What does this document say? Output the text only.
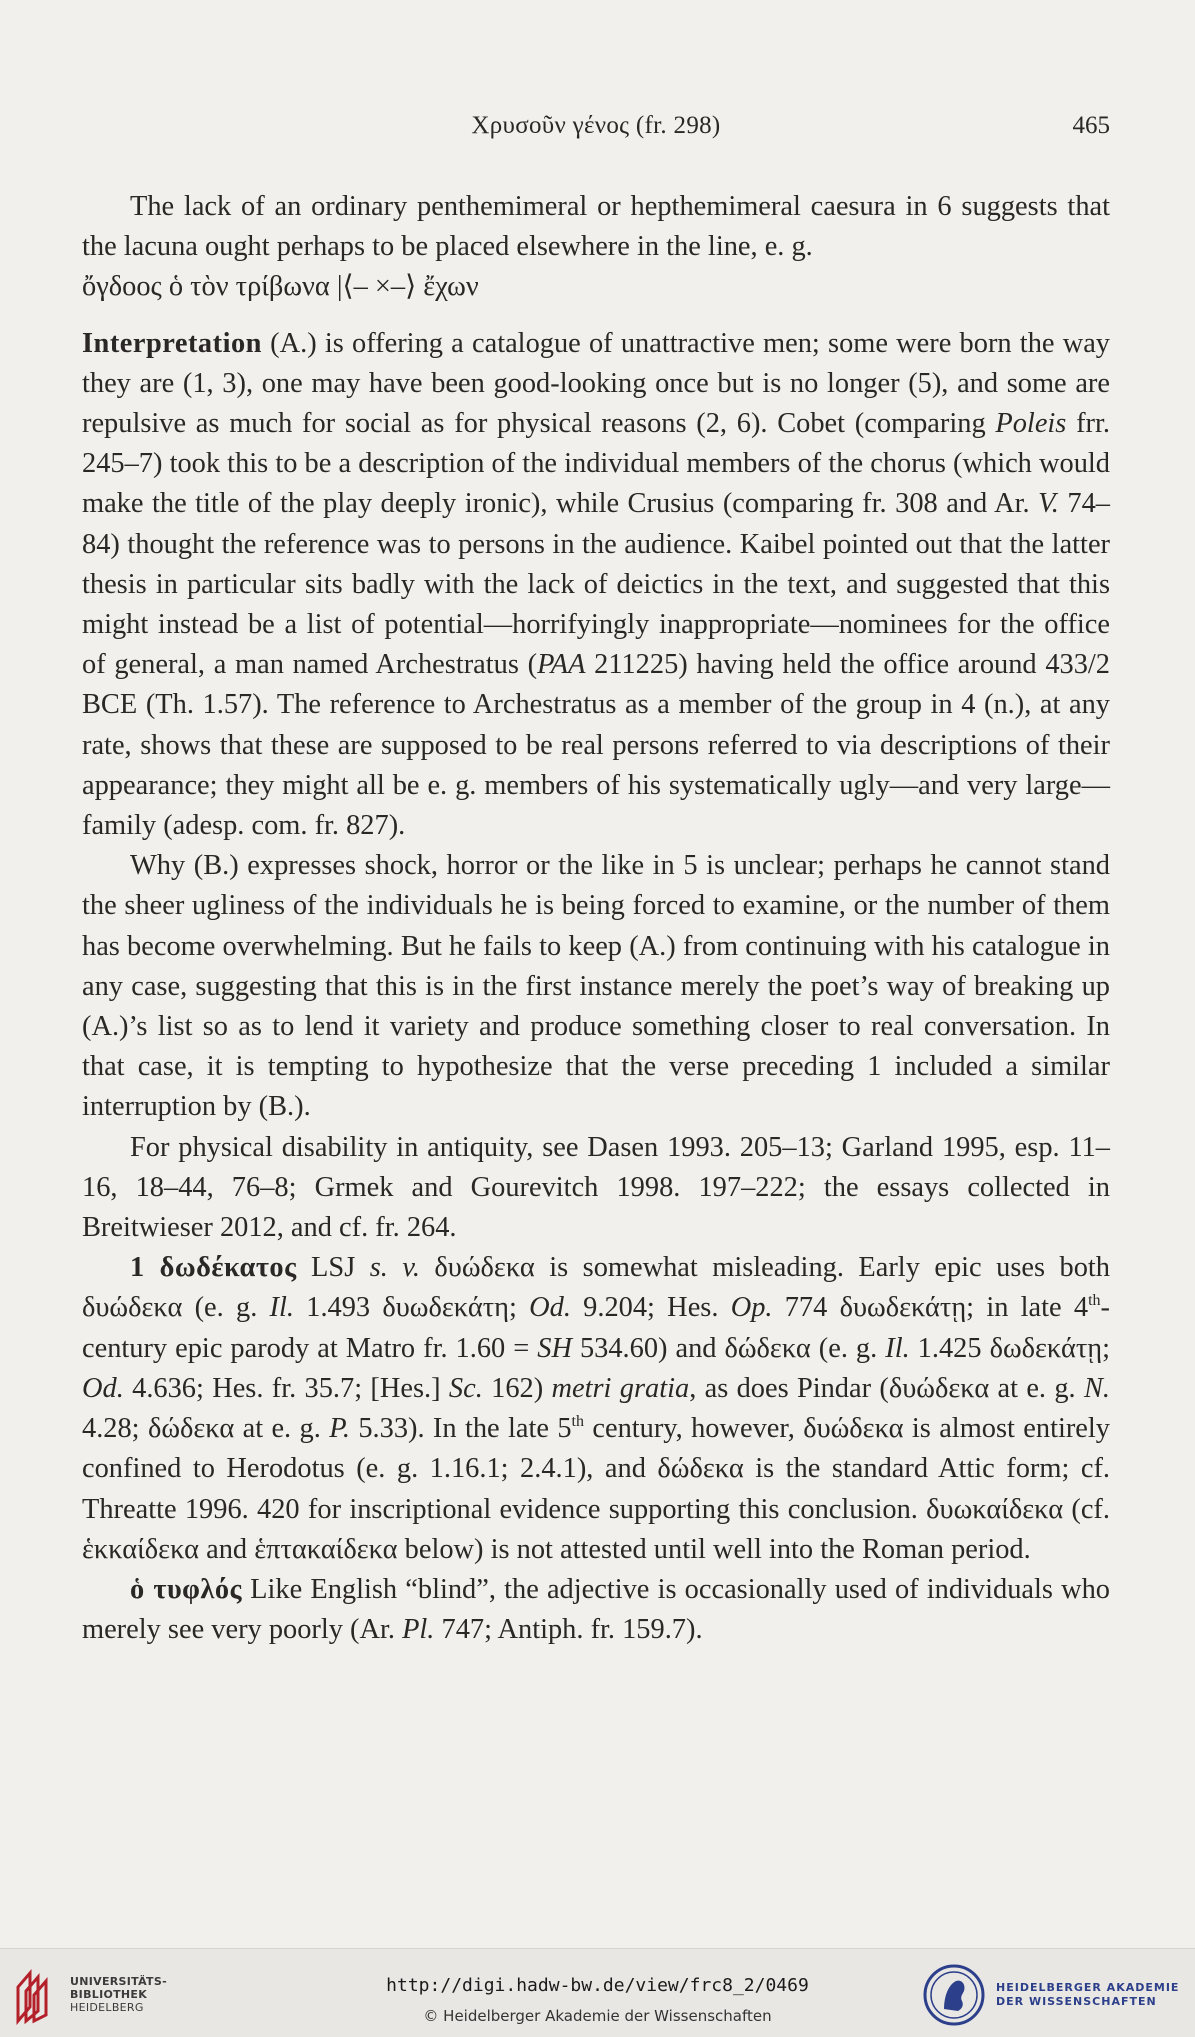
Χρυσοῦν γένος (fr. 298)	465

The lack of an ordinary penthemimeral or hepthemimeral caesura in 6 suggests that the lacuna ought perhaps to be placed elsewhere in the line, e. g.
ὄγδοος ὁ τὸν τρίβωνα |⟨– ×–⟩ ἔχων

Interpretation (A.) is offering a catalogue of unattractive men; some were born the way they are (1, 3), one may have been good-looking once but is no longer (5), and some are repulsive as much for social as for physical reasons (2, 6). Cobet (comparing Poleis frr. 245–7) took this to be a description of the individual members of the chorus (which would make the title of the play deeply ironic), while Crusius (comparing fr. 308 and Ar. V. 74–84) thought the reference was to persons in the audience. Kaibel pointed out that the latter thesis in particular sits badly with the lack of deictics in the text, and suggested that this might instead be a list of potential—horrifyingly inappropriate—nominees for the office of general, a man named Archestratus (PAA 211225) having held the office around 433/2 BCE (Th. 1.57). The reference to Archestratus as a member of the group in 4 (n.), at any rate, shows that these are supposed to be real persons referred to via descriptions of their appearance; they might all be e. g. members of his systematically ugly—and very large—family (adesp. com. fr. 827).

Why (B.) expresses shock, horror or the like in 5 is unclear; perhaps he cannot stand the sheer ugliness of the individuals he is being forced to examine, or the number of them has become overwhelming. But he fails to keep (A.) from continuing with his catalogue in any case, suggesting that this is in the first instance merely the poet’s way of breaking up (A.)’s list so as to lend it variety and produce something closer to real conversation. In that case, it is tempting to hypothesize that the verse preceding 1 included a similar interruption by (B.).

For physical disability in antiquity, see Dasen 1993. 205–13; Garland 1995, esp. 11–16, 18–44, 76–8; Grmek and Gourevitch 1998. 197–222; the essays collected in Breitwieser 2012, and cf. fr. 264.

1 δωδέκατος LSJ s. v. δυώδεκα is somewhat misleading. Early epic uses both δυώδεκα (e. g. Il. 1.493 δυωδεκάτη; Od. 9.204; Hes. Op. 774 δυωδεκάτῃ; in late 4th-century epic parody at Matro fr. 1.60 = SH 534.60) and δώδεκα (e. g. Il. 1.425 δωδεκάτῃ; Od. 4.636; Hes. fr. 35.7; [Hes.] Sc. 162) metri gratia, as does Pindar (δυώδεκα at e. g. N. 4.28; δώδεκα at e. g. P. 5.33). In the late 5th century, however, δυώδεκα is almost entirely confined to Herodotus (e. g. 1.16.1; 2.4.1), and δώδεκα is the standard Attic form; cf. Threatte 1996. 420 for inscriptional evidence supporting this conclusion. δυωκαίδεκα (cf. ἑκκαίδεκα and ἑπτακαίδεκα below) is not attested until well into the Roman period.

ὁ τυφλός Like English “blind”, the adjective is occasionally used of individuals who merely see very poorly (Ar. Pl. 747; Antiph. fr. 159.7).

UNIVERSITÄTS-
BIBLIOTHEK
HEIDELBERG
http://digi.hadw-bw.de/view/frc8_2/0469
© Heidelberger Akademie der Wissenschaften
HEIDELBERGER AKADEMIE
DER WISSENSCHAFTEN
